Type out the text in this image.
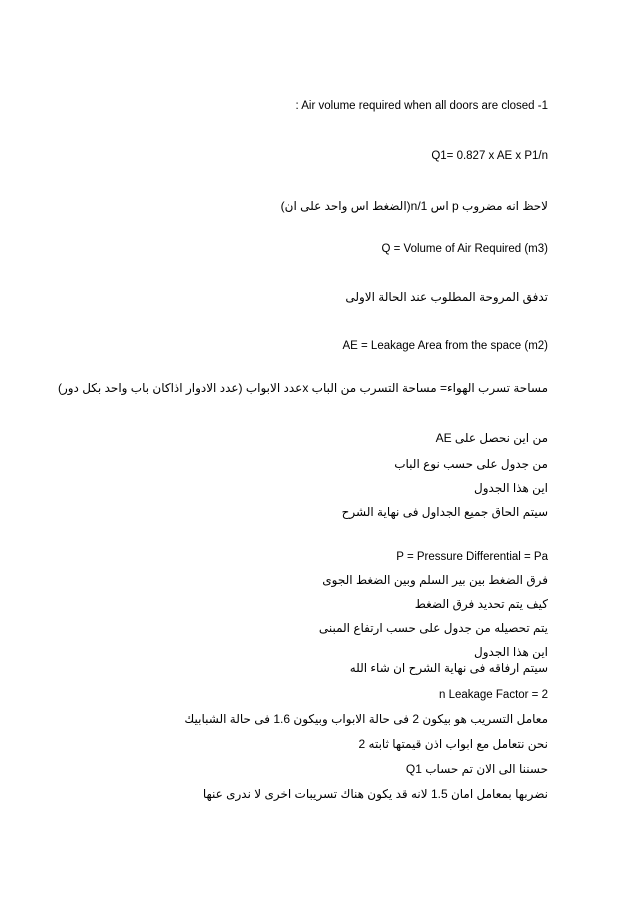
: Air volume required when all doors are closed -1
Q1= 0.827 x AE x P1/n
لاحظ انه مضروب p اس n/1(الضغط اس واحد على ان)
Q = Volume of Air Required (m3)
تدفق المروحة المطلوب عند الحالة الاولى
AE = Leakage Area from the space (m2)
مساحة تسرب الهواء= مساحة التسرب من الباب xعدد الابواب (عدد الادوار اذاكان باب واحد بكل دور)
من اين نحصل على AE
من جدول على حسب نوع الباب
اين هذا الجدول
سيتم الحاق جميع الجداول فى نهاية الشرح
P = Pressure Differential = Pa
فرق الضغط بين بير السلم وبين الضغط الجوى
كيف يتم تحديد فرق الضغط
يتم تحصيله من جدول على حسب ارتفاع المبنى
اين هذا الجدول
سيتم ارفاقه فى نهاية الشرح ان شاء الله
n Leakage Factor = 2
معامل التسريب هو بيكون 2 فى حالة الابواب وبيكون 1.6 فى حالة الشبابيك
نحن نتعامل مع ابواب اذن قيمتها ثابته 2
حسننا الى الان تم حساب Q1
نضربها بمعامل امان 1.5 لانه قد يكون هناك تسريبات اخرى لا ندرى عنها
